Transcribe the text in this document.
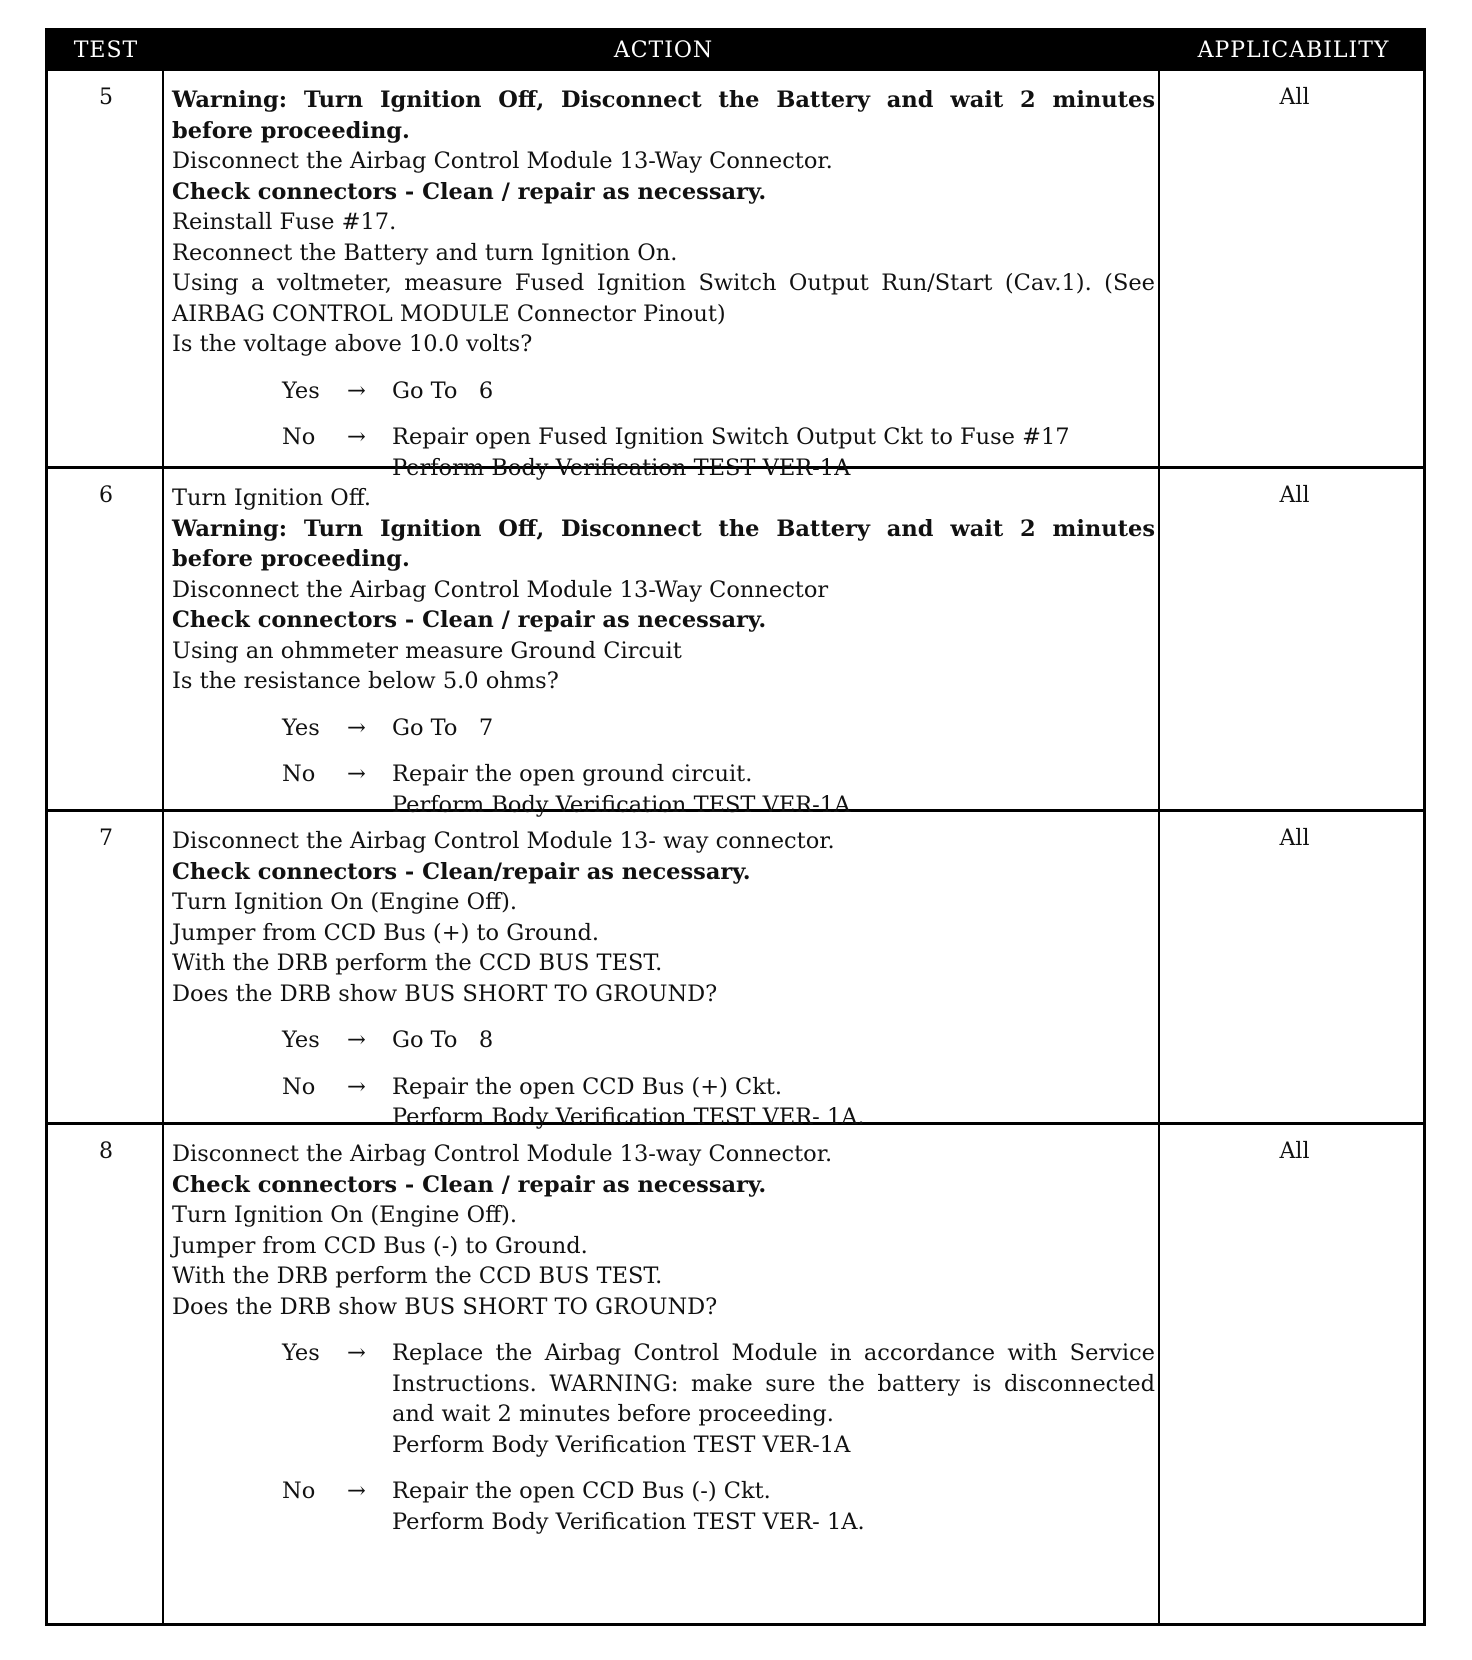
TEST	ACTION	APPLICABILITY
5	Warning: Turn Ignition Off, Disconnect the Battery and wait 2 minutes
before proceeding.
Disconnect the Airbag Control Module 13-Way Connector.
Check connectors - Clean / repair as necessary.
Reinstall Fuse #17.
Reconnect the Battery and turn Ignition On.
Using a voltmeter, measure Fused Ignition Switch Output Run/Start (Cav.1). (See
AIRBAG CONTROL MODULE Connector Pinout)
Is the voltage above 10.0 volts?
Yes	→	Go To   6
No	→	Repair open Fused Ignition Switch Output Ckt to Fuse #17
Perform Body Verification TEST VER-1A
All
6	Turn Ignition Off.
Warning: Turn Ignition Off, Disconnect the Battery and wait 2 minutes
before proceeding.
Disconnect the Airbag Control Module 13-Way Connector
Check connectors - Clean / repair as necessary.
Using an ohmmeter measure Ground Circuit
Is the resistance below 5.0 ohms?
Yes	→	Go To   7
No	→	Repair the open ground circuit.
Perform Body Verification TEST VER-1A
All
7	Disconnect the Airbag Control Module 13- way connector.
Check connectors - Clean/repair as necessary.
Turn Ignition On (Engine Off).
Jumper from CCD Bus (+) to Ground.
With the DRB perform the CCD BUS TEST.
Does the DRB show BUS SHORT TO GROUND?
Yes	→	Go To   8
No	→	Repair the open CCD Bus (+) Ckt.
Perform Body Verification TEST VER- 1A.
All
8	Disconnect the Airbag Control Module 13-way Connector.
Check connectors - Clean / repair as necessary.
Turn Ignition On (Engine Off).
Jumper from CCD Bus (-) to Ground.
With the DRB perform the CCD BUS TEST.
Does the DRB show BUS SHORT TO GROUND?
Yes	→	Replace the Airbag Control Module in accordance with Service
Instructions. WARNING: make sure the battery is disconnected
and wait 2 minutes before proceeding.
Perform Body Verification TEST VER-1A
No	→	Repair the open CCD Bus (-) Ckt.
Perform Body Verification TEST VER- 1A.
All
